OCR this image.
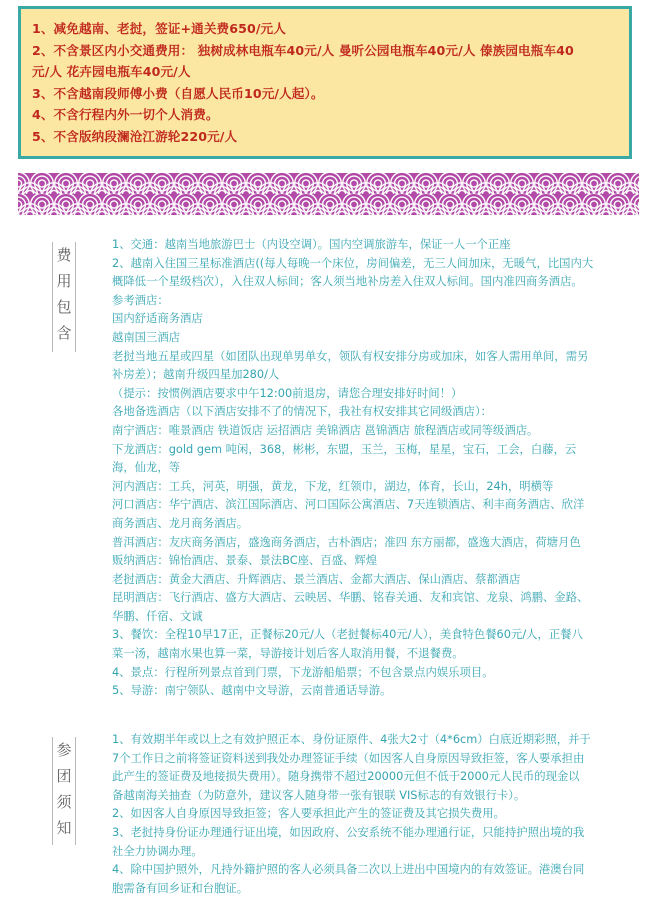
1、减免越南、老挝，签证+通关费650/元人
2、不含景区内小交通费用： 独树成林电瓶车40元/人 曼听公园电瓶车40元/人 傣族园电瓶车40
元/人 花卉园电瓶车40元/人
3、不含越南段师傅小费（自愿人民币10元/人起）。
4、不含行程内外一切个人消费。
5、不含版纳段澜沧江游轮220元/人
费
用
包
含
1、交通：越南当地旅游巴士（内设空调）。国内空调旅游车，保证一人一个正座
2、越南入住国三星标准酒店((每人每晚一个床位，房间偏差，无三人间加床，无暖气，比国内大
概降低一个星级档次），入住双人标间；客人须当地补房差入住双人标间。国内准四商务酒店。
参考酒店：
国内舒适商务酒店
越南国三酒店
老挝当地五星或四星（如团队出现单男单女，领队有权安排分房或加床，如客人需用单间，需另
补房差）；越南升级四星加280/人
（提示：按惯例酒店要求中午12:00前退房，请您合理安排好时间！）
各地备选酒店（以下酒店安排不了的情况下，我社有权安排其它同级酒店）：
南宁酒店：唯景酒店 铁道饭店 运招酒店 美锦酒店 邕锦酒店 旅程酒店或同等级酒店。
下龙酒店：gold gem 吨闲，368，彬彬，东盟，玉兰，玉梅，星星，宝石，工会，白藤，云
海，仙龙，等
河内酒店：工兵，河英，明强，黄龙，下龙，红领巾，湖边，体育，长山，24h，明横等
河口酒店：华宁酒店、滨江国际酒店、河口国际公寓酒店、7天连锁酒店、利丰商务酒店、欣洋
商务酒店、龙月商务酒店。
普洱酒店：友庆商务酒店，盛逸商务酒店，古朴酒店；准四 东方丽都，盛逸大酒店，荷塘月色
贩纳酒店：锦怡酒店、景泰、景法BC座、百盛、辉煌
老挝酒店：黄金大酒店、升辉酒店、景兰酒店、金都大酒店、保山酒店、蔡都酒店
昆明酒店：飞行酒店、盛方大酒店、云映居、华鹏、铭春关通、友和宾馆、龙泉、鸿鹏、金路、
华鹏、仟宿、文诚
3、餐饮：全程10早17正，正餐标20元/人（老挝餐标40元/人），美食特色餐60元/人，正餐八
菜一汤，越南水果也算一菜，导游接计划后客人取消用餐，不退餐费。
4、景点：行程所列景点首到门票，下龙游船船票；不包含景点内娱乐项目。
5、导游：南宁领队、越南中文导游，云南普通话导游。
参
团
须
知
1、有效期半年或以上之有效护照正本、身份证原件、4张大2寸（4*6cm）白底近期彩照，并于
7个工作日之前将签证资料送到我处办理签证手续（如因客人自身原因导致拒签，客人要承担由
此产生的签证费及地接损失费用）。随身携带不超过20000元但不低于2000元人民币的现金以
备越南海关抽查（为防意外，建议客人随身带一张有银联 VIS标志的有效银行卡）。
2、如因客人自身原因导致拒签；客人要承担此产生的签证费及其它损失费用。
3、老挝持身份证办理通行证出境，如因政府、公安系统不能办理通行证，只能持护照出境的我
社全力协调办理。
4、除中国护照外，凡持外籍护照的客人必须具备二次以上进出中国境内的有效签证。港澳台同
胞需备有回乡证和台胞证。
